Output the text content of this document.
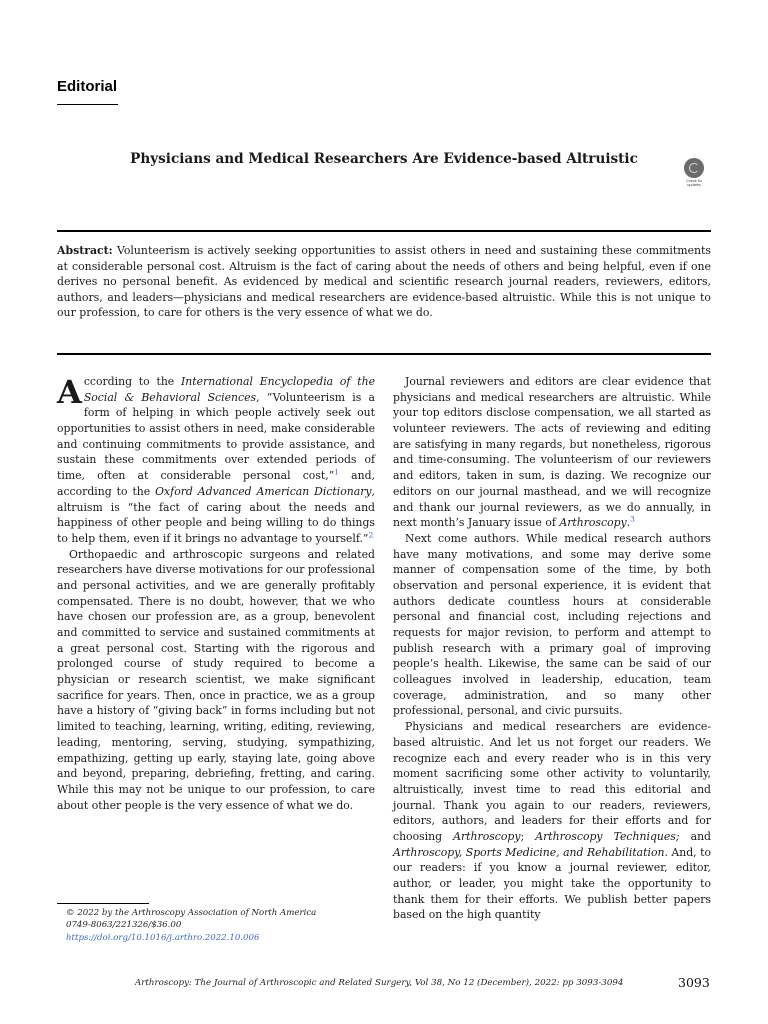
Editorial
Physicians and Medical Researchers Are Evidence-based Altruistic
Check for
updates

Abstract: Volunteerism is actively seeking opportunities to assist others in need and sustaining these commitments at considerable personal cost. Altruism is the fact of caring about the needs of others and being helpful, even if one derives no personal benefit. As evidenced by medical and scientific research journal readers, reviewers, editors, authors, and leaders—physicians and medical researchers are evidence-based altruistic. While this is not unique to our profession, to care for others is the very essence of what we do.

According to the International Encyclopedia of the Social & Behavioral Sciences, “Volunteerism is a form of helping in which people actively seek out opportunities to assist others in need, make considerable and continuing commitments to provide assistance, and sustain these commitments over extended periods of time, often at considerable personal cost,”$^1$ and, according to the Oxford Advanced American Dictionary, altruism is “the fact of caring about the needs and happiness of other people and being willing to do things to help them, even if it brings no advantage to yourself.”$^2$

Orthopaedic and arthroscopic surgeons and related researchers have diverse motivations for our professional and personal activities, and we are generally profitably compensated. There is no doubt, however, that we who have chosen our profession are, as a group, benevolent and committed to service and sustained commitments at a great personal cost. Starting with the rigorous and prolonged course of study required to become a physician or research scientist, we make significant sacrifice for years. Then, once in practice, we as a group have a history of “giving back” in forms including but not limited to teaching, learning, writing, editing, reviewing, leading, mentoring, serving, studying, sympathizing, empathizing, getting up early, staying late, going above and beyond, preparing, debriefing, fretting, and caring. While this may not be unique to our profession, to care about other people is the very essence of what we do.

Journal reviewers and editors are clear evidence that physicians and medical researchers are altruistic. While your top editors disclose compensation, we all started as volunteer reviewers. The acts of reviewing and editing are satisfying in many regards, but nonetheless, rigorous and time-consuming. The volunteerism of our reviewers and editors, taken in sum, is dazing. We recognize our editors on our journal masthead, and we will recognize and thank our journal reviewers, as we do annually, in next month’s January issue of Arthroscopy.$^3$

Next come authors. While medical research authors have many motivations, and some may derive some manner of compensation some of the time, by both observation and personal experience, it is evident that authors dedicate countless hours at considerable personal and financial cost, including rejections and requests for major revision, to perform and attempt to publish research with a primary goal of improving people’s health. Likewise, the same can be said of our colleagues involved in leadership, education, team coverage, administration, and so many other professional, personal, and civic pursuits.

Physicians and medical researchers are evidence-based altruistic. And let us not forget our readers. We recognize each and every reader who is in this very moment sacrificing some other activity to voluntarily, altruistically, invest time to read this editorial and journal. Thank you again to our readers, reviewers, editors, authors, and leaders for their efforts and for choosing Arthroscopy; Arthroscopy Techniques; and Arthroscopy, Sports Medicine, and Rehabilitation. And, to our readers: if you know a journal reviewer, editor, author, or leader, you might take the opportunity to thank them for their efforts. We publish better papers based on the high quantity

© 2022 by the Arthroscopy Association of North America
0749-8063/221326/$36.00
https://doi.org/10.1016/j.arthro.2022.10.006
Arthroscopy: The Journal of Arthroscopic and Related Surgery, Vol 38, No 12 (December), 2022: pp 3093-3094	3093
